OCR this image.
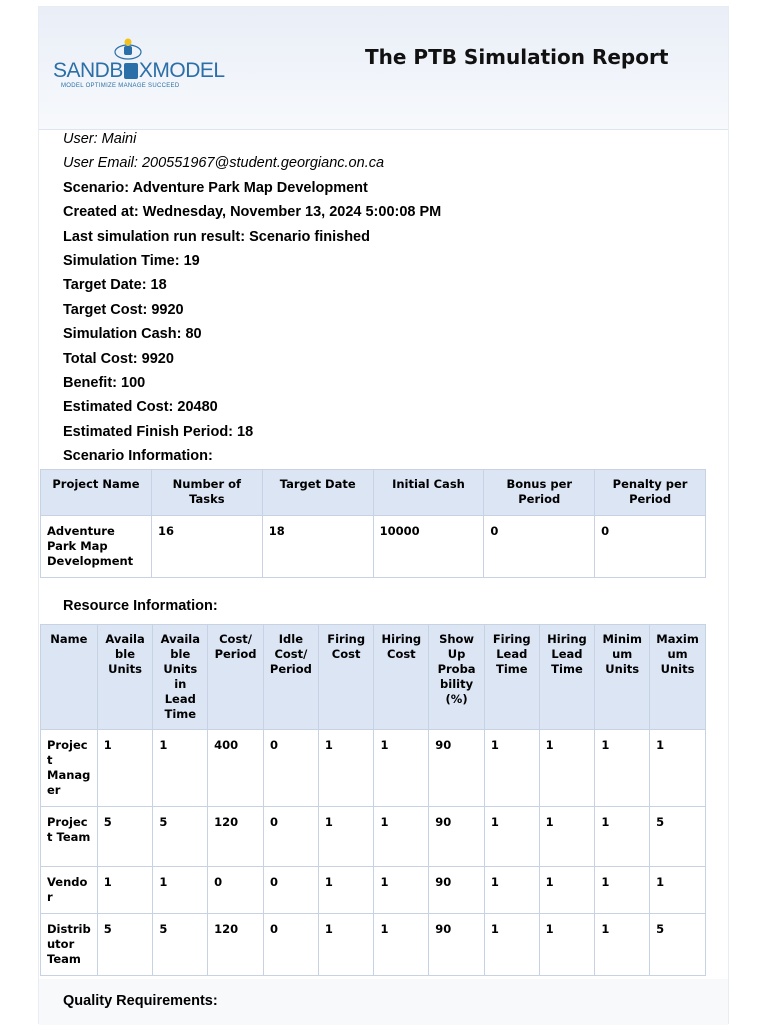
SANDB XMODEL
MODEL OPTIMIZE MANAGE SUCCEED
The PTB Simulation Report
User: Maini
User Email: 200551967@student.georgianc.on.ca
Scenario: Adventure Park Map Development
Created at: Wednesday, November 13, 2024 5:00:08 PM
Last simulation run result: Scenario finished
Simulation Time: 19
Target Date: 18
Target Cost: 9920
Simulation Cash: 80
Total Cost: 9920
Benefit: 100
Estimated Cost: 20480
Estimated Finish Period: 18
Scenario Information:
Project Name	Number of Tasks	Target Date	Initial Cash	Bonus per Period	Penalty per Period
Adventure Park Map Development	16	18	10000	0	0
Resource Information:
Name	Availa ble Units	Availa ble Units in Lead Time	Cost/ Period	Idle Cost/ Period	Firing Cost	Hiring Cost	Show Up Proba bility (%)	Firing Lead Time	Hiring Lead Time	Minim um Units	Maxim um Units
Projec t Manag er	1	1	400	0	1	1	90	1	1	1	1
Projec t Team	5	5	120	0	1	1	90	1	1	1	5
Vendo r	1	1	0	0	1	1	90	1	1	1	1
Distrib utor Team	5	5	120	0	1	1	90	1	1	1	5
Quality Requirements:
